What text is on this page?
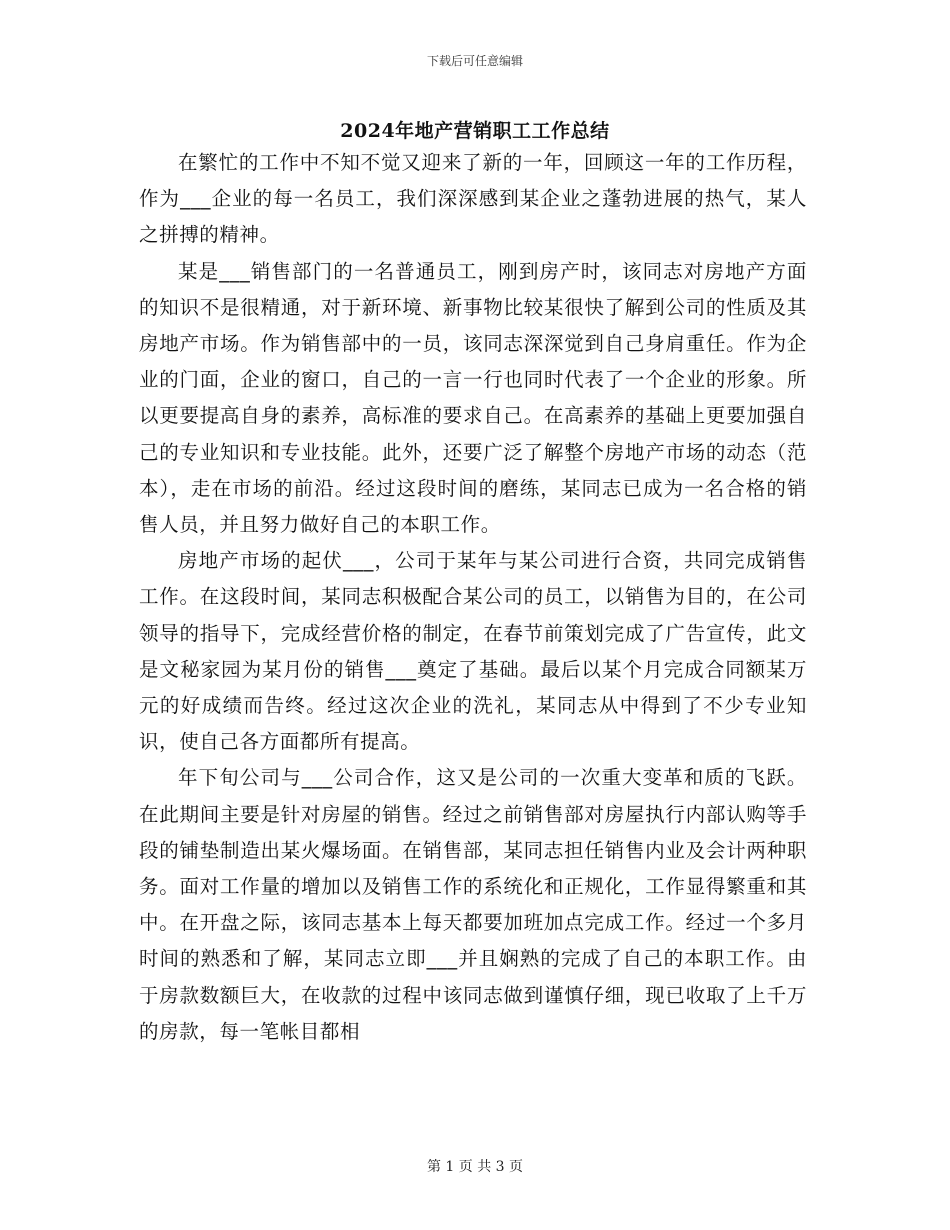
下载后可任意编辑
2024年地产营销职工工作总结

在繁忙的工作中不知不觉又迎来了新的一年，回顾这一年的工作历程，作为___企业的每一名员工，我们深深感到某企业之蓬勃进展的热气，某人之拼搏的精神。

某是___销售部门的一名普通员工，刚到房产时，该同志对房地产方面的知识不是很精通，对于新环境、新事物比较某很快了解到公司的性质及其房地产市场。作为销售部中的一员，该同志深深觉到自己身肩重任。作为企业的门面，企业的窗口，自己的一言一行也同时代表了一个企业的形象。所以更要提高自身的素养，高标准的要求自己。在高素养的基础上更要加强自己的专业知识和专业技能。此外，还要广泛了解整个房地产市场的动态（范本），走在市场的前沿。经过这段时间的磨练，某同志已成为一名合格的销售人员，并且努力做好自己的本职工作。

房地产市场的起伏___，公司于某年与某公司进行合资，共同完成销售工作。在这段时间，某同志积极配合某公司的员工，以销售为目的，在公司领导的指导下，完成经营价格的制定，在春节前策划完成了广告宣传，此文是文秘家园为某月份的销售___奠定了基础。最后以某个月完成合同额某万元的好成绩而告终。经过这次企业的洗礼，某同志从中得到了不少专业知识，使自己各方面都所有提高。

年下旬公司与___公司合作，这又是公司的一次重大变革和质的飞跃。在此期间主要是针对房屋的销售。经过之前销售部对房屋执行内部认购等手段的铺垫制造出某火爆场面。在销售部，某同志担任销售内业及会计两种职务。面对工作量的增加以及销售工作的系统化和正规化，工作显得繁重和其中。在开盘之际，该同志基本上每天都要加班加点完成工作。经过一个多月时间的熟悉和了解，某同志立即___并且娴熟的完成了自己的本职工作。由于房款数额巨大，在收款的过程中该同志做到谨慎仔细，现已收取了上千万的房款，每一笔帐目都相

第 1 页 共 3 页
